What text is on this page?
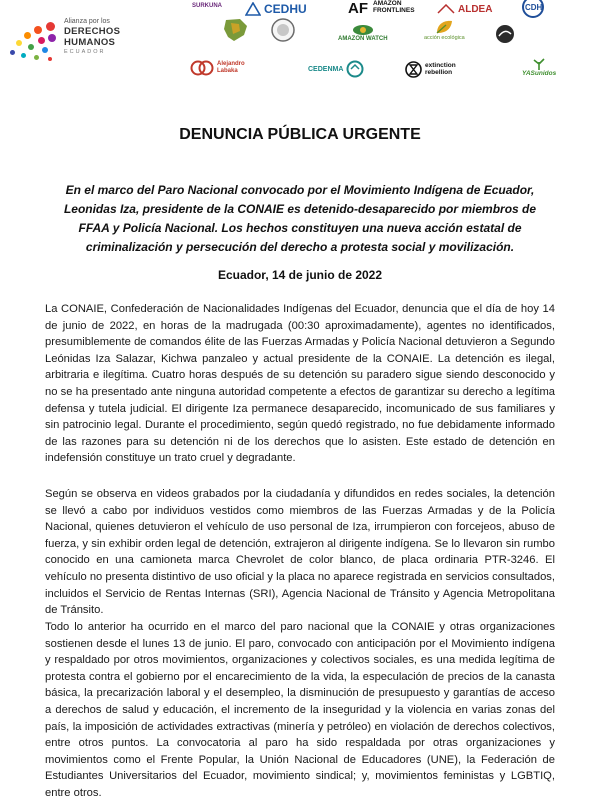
Alianza por los
DERECHOS
HUMANOS
ECUADOR
SURKUNA	CEDHU	AF AMAZON FRONTLINES	ALDEA	CDH
AMAZON WATCH	acción ecológica
Alejandro Labaka	CEDENMA	extinction rebellion	YASunidos
DENUNCIA PÚBLICA URGENTE

En el marco del Paro Nacional convocado por el Movimiento Indígena de Ecuador, Leonidas Iza, presidente de la CONAIE es detenido-desaparecido por miembros de FFAA y Policía Nacional. Los hechos constituyen una nueva acción estatal de criminalización y persecución del derecho a protesta social y movilización.

Ecuador, 14 de junio de 2022

La CONAIE, Confederación de Nacionalidades Indígenas del Ecuador, denuncia que el día de hoy 14 de junio de 2022, en horas de la madrugada (00:30 aproximadamente), agentes no identificados, presumiblemente de comandos élite de las Fuerzas Armadas y Policía Nacional detuvieron a Segundo Leónidas Iza Salazar, Kichwa panzaleo y actual presidente de la CONAIE. La detención es ilegal, arbitraria e ilegítima. Cuatro horas después de su detención su paradero sigue siendo desconocido y no se ha presentado ante ninguna autoridad competente a efectos de garantizar su derecho a legítima defensa y tutela judicial. El dirigente Iza permanece desaparecido, incomunicado de sus familiares y sin patrocinio legal. Durante el procedimiento, según quedó registrado, no fue debidamente informado de las razones para su detención ni de los derechos que lo asisten. Este estado de detención en indefensión constituye un trato cruel y degradante.

Según se observa en videos grabados por la ciudadanía y difundidos en redes sociales, la detención se llevó a cabo por individuos vestidos como miembros de las Fuerzas Armadas y de la Policía Nacional, quienes detuvieron el vehículo de uso personal de Iza, irrumpieron con forcejeos, abuso de fuerza, y sin exhibir orden legal de detención, extrajeron al dirigente indígena. Se lo llevaron sin rumbo conocido en una camioneta marca Chevrolet de color blanco, de placa ordinaria PTR-3246. El vehículo no presenta distintivo de uso oficial y la placa no aparece registrada en servicios consultados, incluidos el Servicio de Rentas Internas (SRI), Agencia Nacional de Tránsito y Agencia Metropolitana de Tránsito.

Todo lo anterior ha ocurrido en el marco del paro nacional que la CONAIE y otras organizaciones sostienen desde el lunes 13 de junio. El paro, convocado con anticipación por el Movimiento indígena y respaldado por otros movimientos, organizaciones y colectivos sociales, es una medida legítima de protesta contra el gobierno por el encarecimiento de la vida, la especulación de precios de la canasta básica, la precarización laboral y el desempleo, la disminución de presupuesto y garantías de acceso a derechos de salud y educación, el incremento de la inseguridad y la violencia en varias zonas del país, la imposición de actividades extractivas (minería y petróleo) en violación de derechos colectivos, entre otros puntos. La convocatoria al paro ha sido respaldada por otras organizaciones y movimientos como el Frente Popular, la Unión Nacional de Educadores (UNE), la Federación de Estudiantes Universitarios del Ecuador, movimiento sindical; y, movimientos feministas y LGBTIQ, entre otros.
